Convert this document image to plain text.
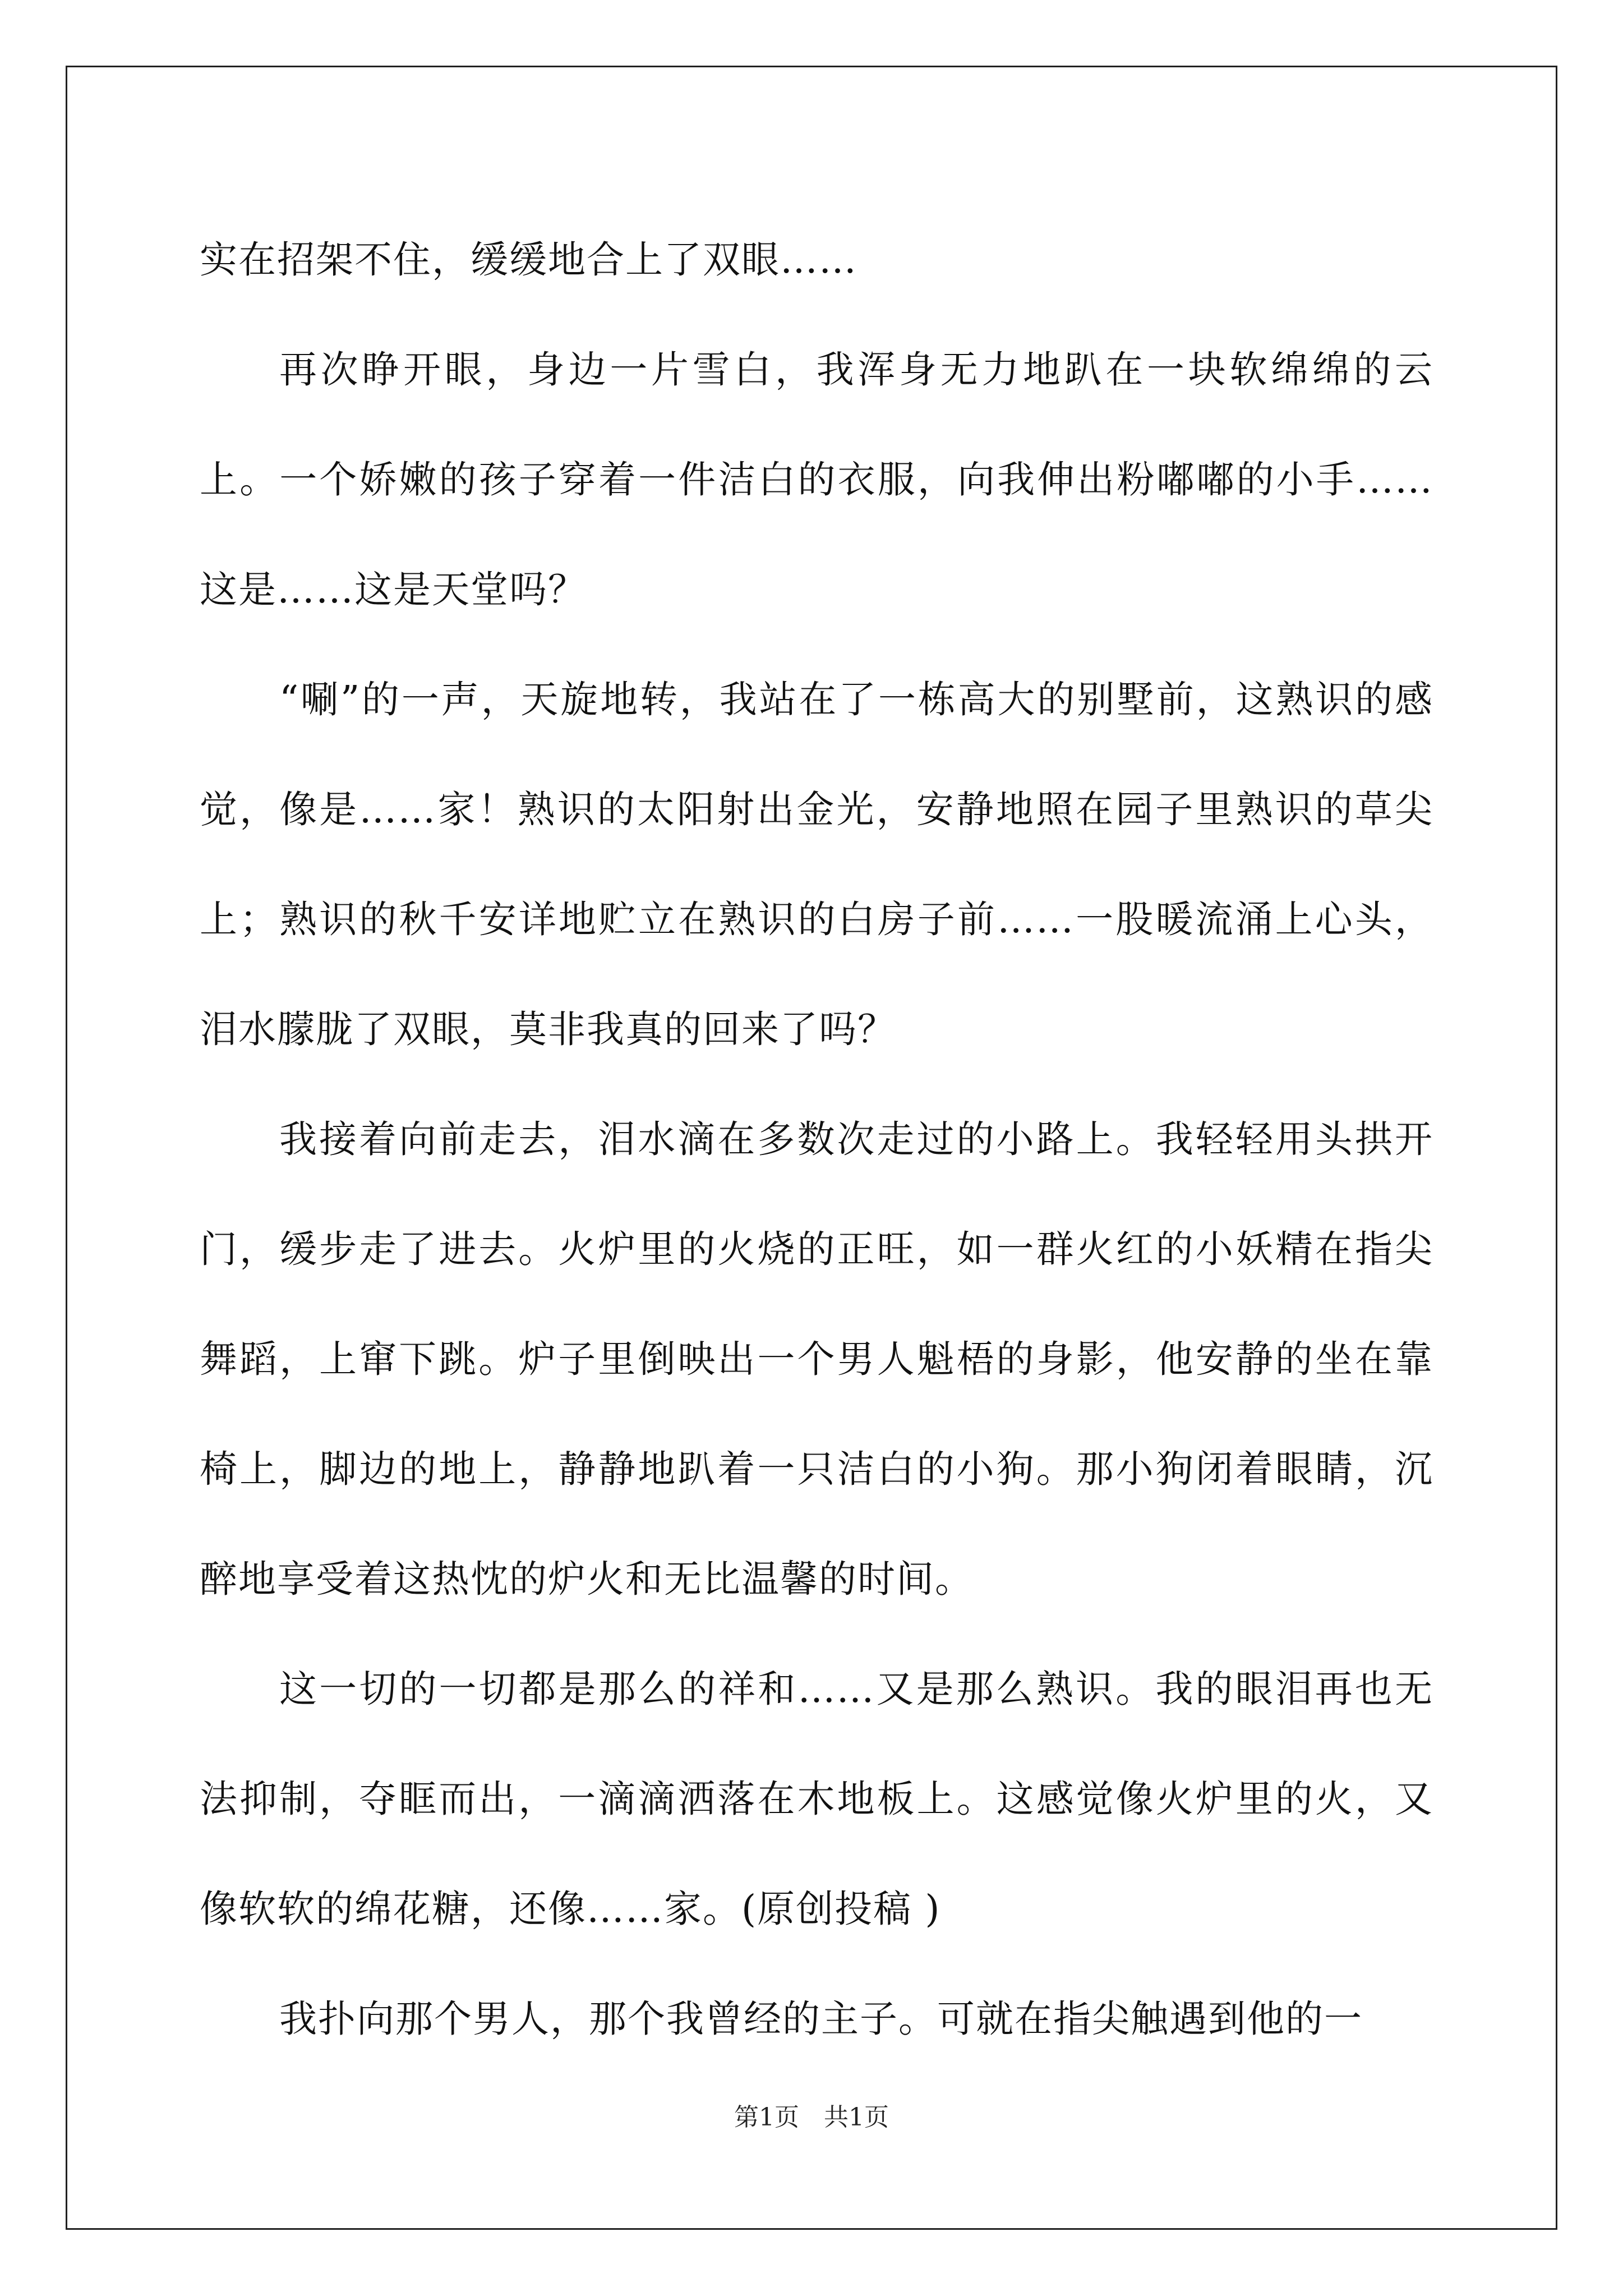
实在招架不住，缓缓地合上了双眼……

再次睁开眼，身边一片雪白，我浑身无力地趴在一块软绵绵的云上。一个娇嫩的孩子穿着一件洁白的衣服，向我伸出粉嘟嘟的小手……这是……这是天堂吗？

“唰”的一声，天旋地转，我站在了一栋高大的别墅前，这熟识的感觉，像是……家！熟识的太阳射出金光，安静地照在园子里熟识的草尖上；熟识的秋千安详地贮立在熟识的白房子前……一股暖流涌上心头，泪水朦胧了双眼，莫非我真的回来了吗？

我接着向前走去，泪水滴在多数次走过的小路上。我轻轻用头拱开门，缓步走了进去。火炉里的火烧的正旺，如一群火红的小妖精在指尖舞蹈，上窜下跳。炉子里倒映出一个男人魁梧的身影，他安静的坐在靠椅上，脚边的地上，静静地趴着一只洁白的小狗。那小狗闭着眼睛，沉醉地享受着这热忱的炉火和无比温馨的时间。

这一切的一切都是那么的祥和……又是那么熟识。我的眼泪再也无法抑制，夺眶而出，一滴滴洒落在木地板上。这感觉像火炉里的火，又像软软的绵花糖，还像……家。(原创投稿 )

我扑向那个男人，那个我曾经的主子。可就在指尖触遇到他的一

第1页　共1页
